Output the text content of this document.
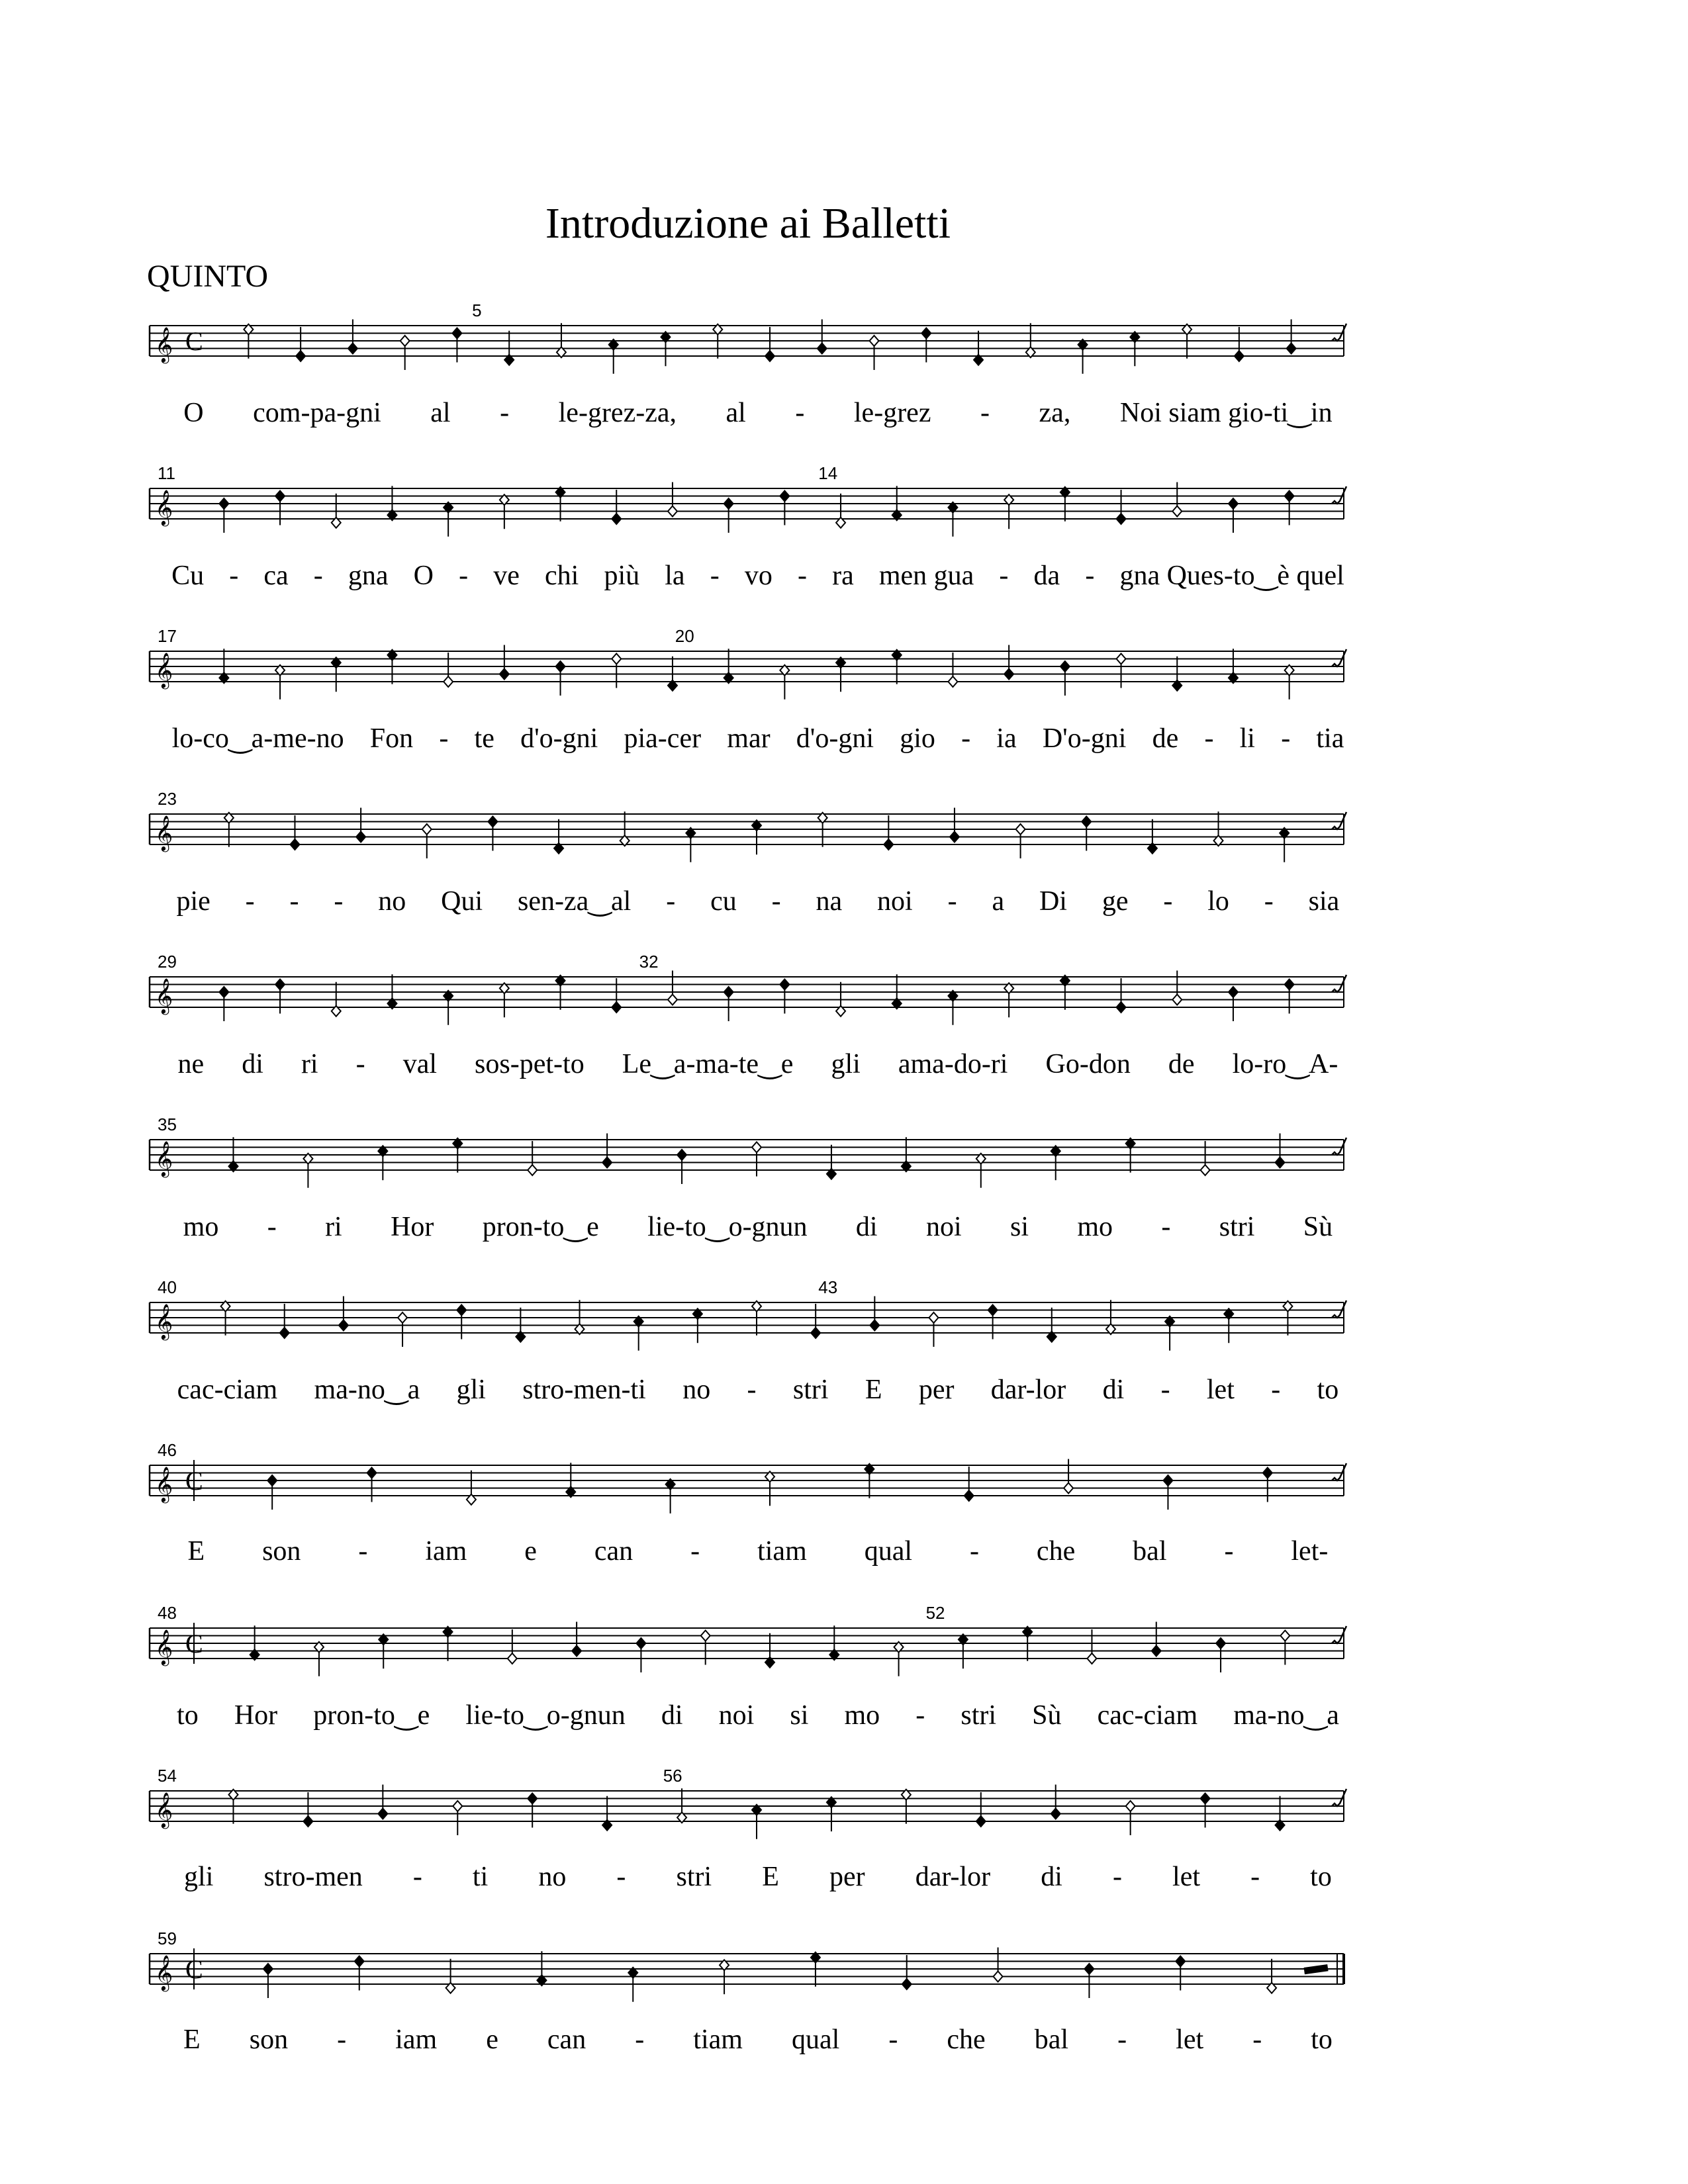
Introduzione ai Balletti
QUINTO
5
𝄞 C
O com-pa-gni al - le-grez-za, al - le-grez - za, Noi siam gio-ti‿in
11	14
𝄞
Cu - ca - gna O - ve chi più la - vo - ra men gua - da - gna Ques-to‿è quel
17	20
𝄞
lo-co‿a-me-no Fon - te d'o-gni pia-cer mar d'o-gni gio - ia D'o-gni de - li - tia
23
𝄞
pie - - - no Qui sen-za‿al - cu - na noi - a Di ge - lo - sia
29	32
𝄞
ne di ri - val sos-pet-to Le‿a-ma-te‿e gli ama-do-ri Go-don de lo-ro‿A-
35
𝄞
mo - ri Hor pron-to‿e lie-to‿o-gnun di noi si mo - stri Sù
40	43
𝄞
cac-ciam ma-no‿a gli stro-men-ti no - stri E per dar-lor di - let - to
46
𝄞 C
E son - iam e can - tiam qual - che bal - let-
48	52
𝄞 C
to Hor pron-to‿e lie-to‿o-gnun di noi si mo - stri Sù cac-ciam ma-no‿a
54	56
𝄞
gli stro-men - ti no - stri E per dar-lor di - let - to
59
𝄞 C
E son - iam e can - tiam qual - che bal - let - to
